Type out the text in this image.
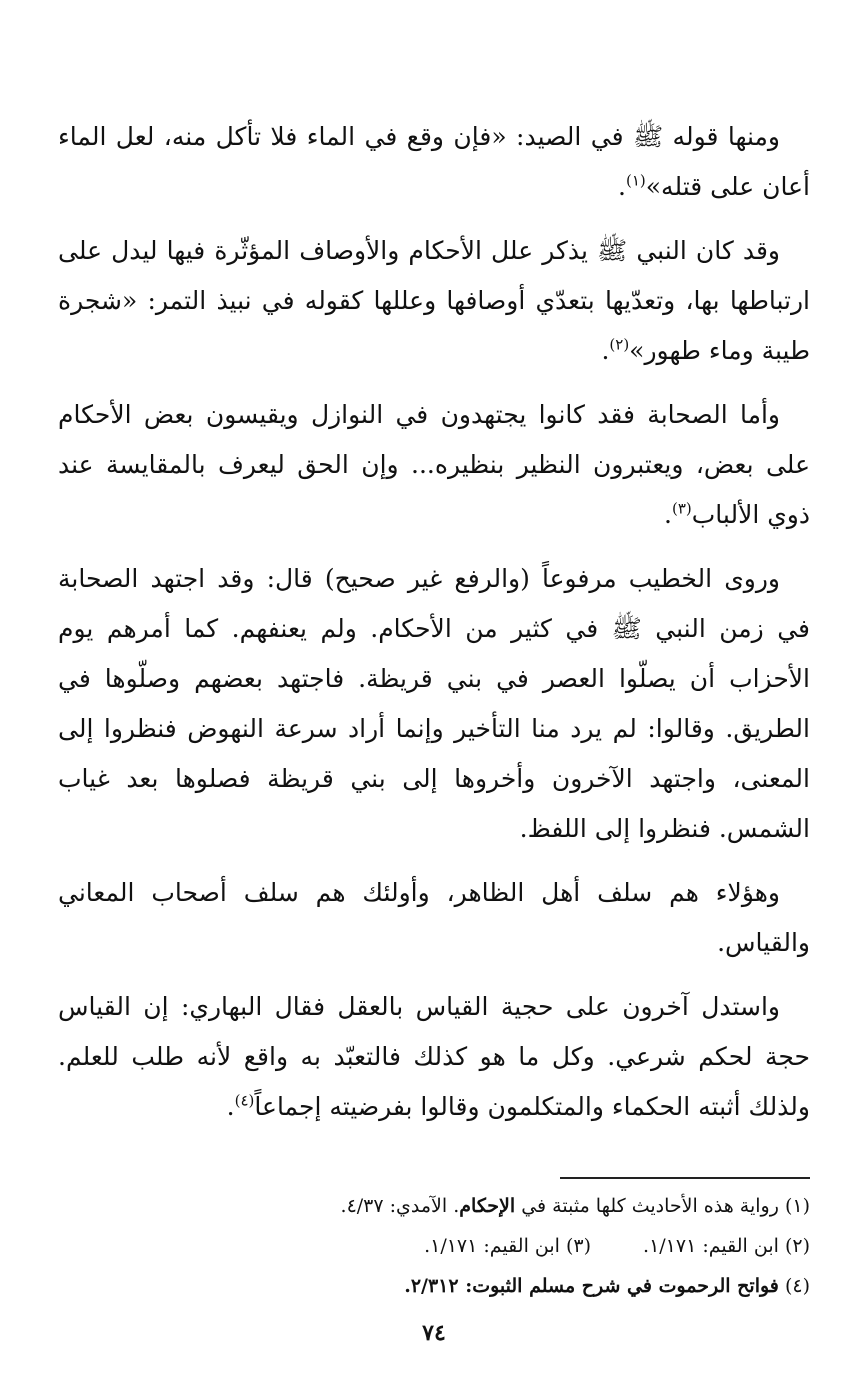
ومنها قوله ﷺ في الصيد: «فإن وقع في الماء فلا تأكل منه، لعل الماء أعان على قتله»$^{(١)}$.

وقد كان النبي ﷺ يذكر علل الأحكام والأوصاف المؤثّرة فيها ليدل على ارتباطها بها، وتعدّيها بتعدّي أوصافها وعللها كقوله في نبيذ التمر: «شجرة طيبة وماء طهور»$^{(٢)}$.

وأما الصحابة فقد كانوا يجتهدون في النوازل ويقيسون بعض الأحكام على بعض، ويعتبرون النظير بنظيره... وإن الحق ليعرف بالمقايسة عند ذوي الألباب$^{(٣)}$.

وروى الخطيب مرفوعاً (والرفع غير صحيح) قال: وقد اجتهد الصحابة في زمن النبي ﷺ في كثير من الأحكام. ولم يعنفهم. كما أمرهم يوم الأحزاب أن يصلّوا العصر في بني قريظة. فاجتهد بعضهم وصلّوها في الطريق. وقالوا: لم يرد منا التأخير وإنما أراد سرعة النهوض فنظروا إلى المعنى، واجتهد الآخرون وأخروها إلى بني قريظة فصلوها بعد غياب الشمس. فنظروا إلى اللفظ.

وهؤلاء هم سلف أهل الظاهر، وأولئك هم سلف أصحاب المعاني والقياس.

واستدل آخرون على حجية القياس بالعقل فقال البهاري: إن القياس حجة لحكم شرعي. وكل ما هو كذلك فالتعبّد به واقع لأنه طلب للعلم. ولذلك أثبته الحكماء والمتكلمون وقالوا بفرضيته إجماعاً$^{(٤)}$.

(١) رواية هذه الأحاديث كلها مثبتة في الإحكام. الآمدي: ٤/٣٧.
(٢) ابن القيم: ١/١٧١.(٣) ابن القيم: ١/١٧١.
(٤) فواتح الرحموت في شرح مسلم الثبوت: ٢/٣١٢.
٧٤
